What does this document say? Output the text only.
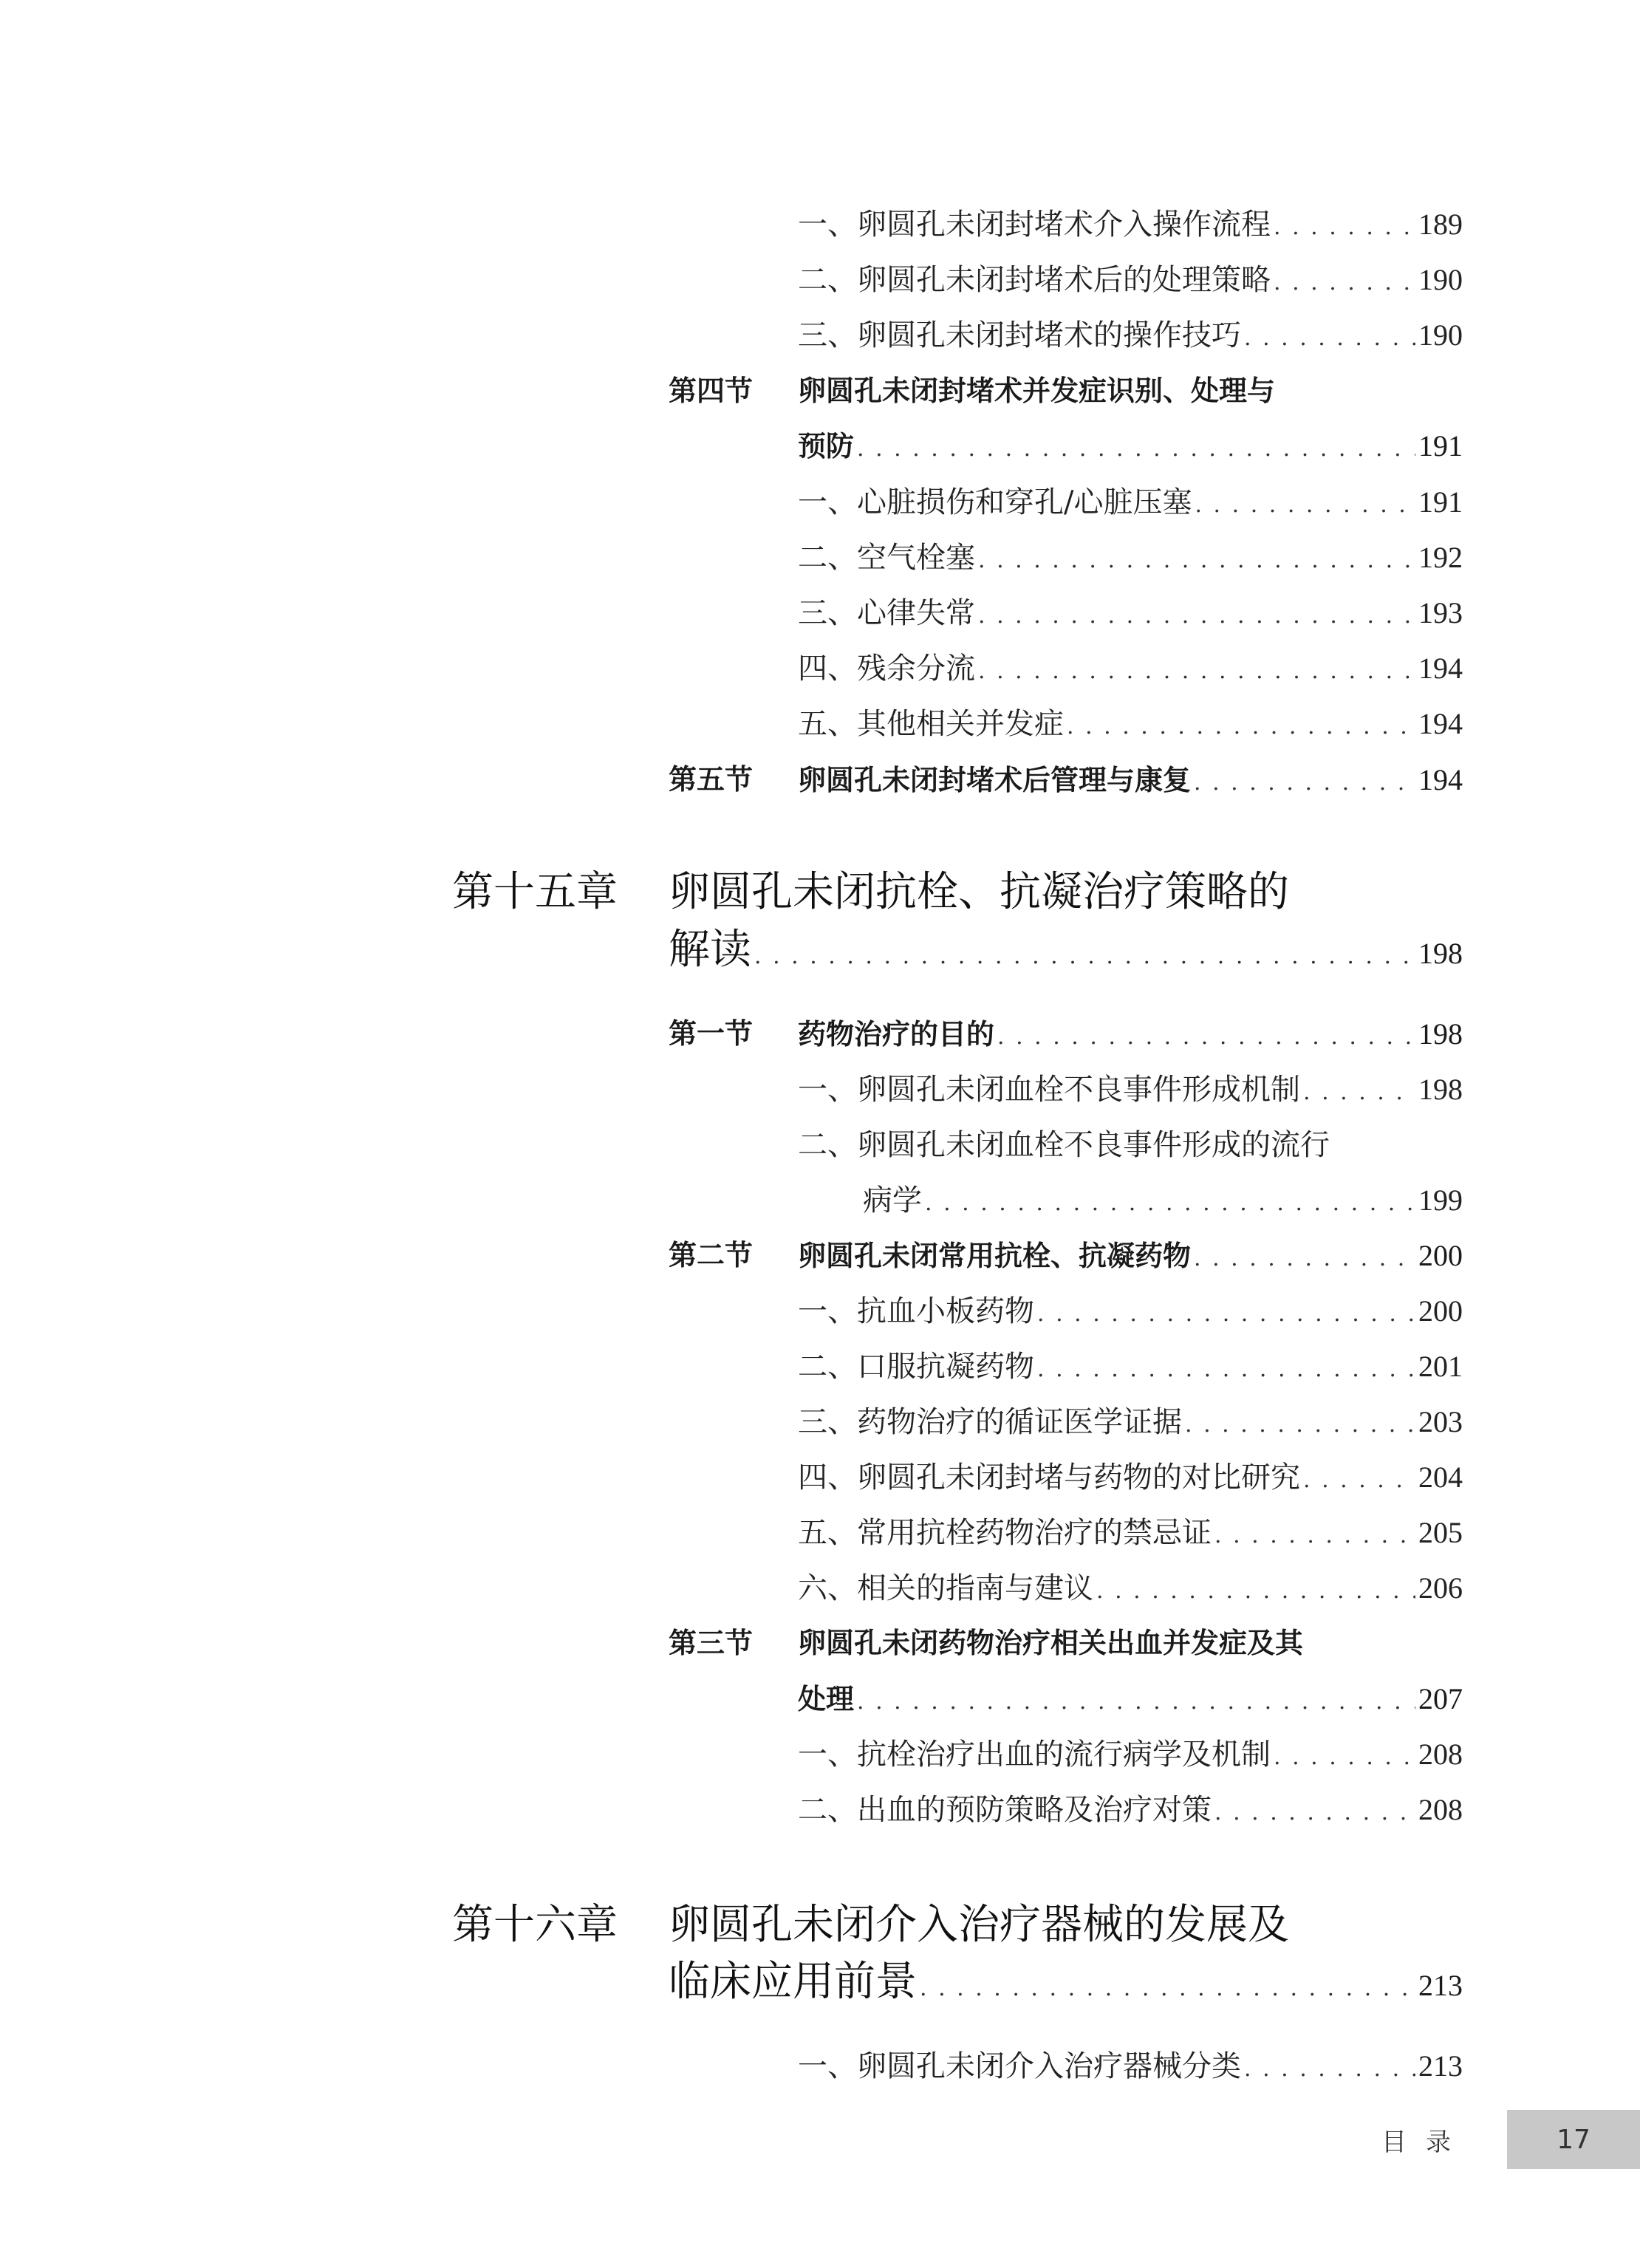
一、卵圆孔未闭封堵术介入操作流程 . . .	189
二、卵圆孔未闭封堵术后的处理策略 . . .	190
三、卵圆孔未闭封堵术的操作技巧 . . .	190
第四节 卵圆孔未闭封堵术并发症识别、处理与
预防 . . .	191
一、心脏损伤和穿孔/心脏压塞 . . .	191
二、空气栓塞 . . .	192
三、心律失常 . . .	193
四、残余分流 . . .	194
五、其他相关并发症 . . .	194
第五节 卵圆孔未闭封堵术后管理与康复 . . .	194
第十五章 卵圆孔未闭抗栓、抗凝治疗策略的
解读 . . .	198
第一节 药物治疗的目的 . . .	198
一、卵圆孔未闭血栓不良事件形成机制 . . .	198
二、卵圆孔未闭血栓不良事件形成的流行
病学 . . .	199
第二节 卵圆孔未闭常用抗栓、抗凝药物 . . .	200
一、抗血小板药物 . . .	200
二、口服抗凝药物 . . .	201
三、药物治疗的循证医学证据 . . .	203
四、卵圆孔未闭封堵与药物的对比研究 . . .	204
五、常用抗栓药物治疗的禁忌证 . . .	205
六、相关的指南与建议 . . .	206
第三节 卵圆孔未闭药物治疗相关出血并发症及其
处理 . . .	207
一、抗栓治疗出血的流行病学及机制 . . .	208
二、出血的预防策略及治疗对策 . . .	208
第十六章 卵圆孔未闭介入治疗器械的发展及
临床应用前景 . . .	213
一、卵圆孔未闭介入治疗器械分类 . . .	213
目录	17
